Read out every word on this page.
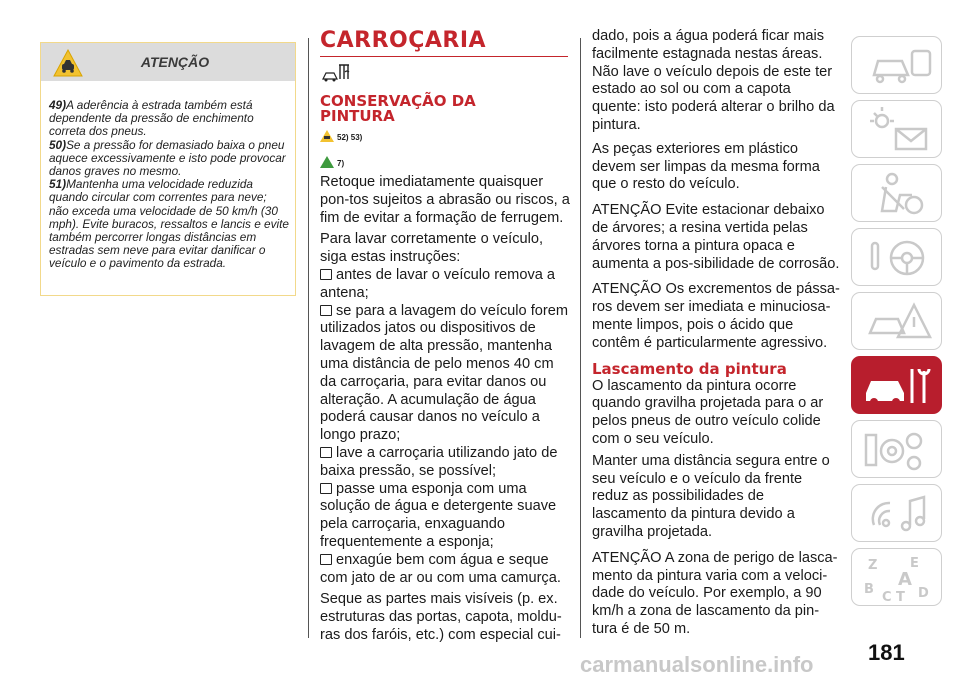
ATENÇÃO

49)A aderência à estrada também está dependente da pressão de enchimento correta dos pneus.

50)Se a pressão for demasiado baixa o pneu aquece excessivamente e isto pode provocar danos graves no mesmo.

51)Mantenha uma velocidade reduzida quando circular com correntes para neve; não exceda uma velocidade de 50 km/h (30 mph). Evite buracos, ressaltos e lancis e evite também percorrer longas distâncias em estradas sem neve para evitar danificar o veículo e o pavimento da estrada.

CARROÇARIA
CONSERVAÇÃO DA PINTURA
52) 53)
7)

Retoque imediatamente quaisquer pon-tos sujeitos a abrasão ou riscos, a fim de evitar a formação de ferrugem.

Para lavar corretamente o veículo, siga estas instruções:

antes de lavar o veículo remova a antena;

se para a lavagem do veículo forem utilizados jatos ou dispositivos de lavagem de alta pressão, mantenha uma distância de pelo menos 40 cm da carroçaria, para evitar danos ou alteração. A acumulação de água poderá causar danos no veículo a longo prazo;

lave a carroçaria utilizando jato de baixa pressão, se possível;

passe uma esponja com uma solução de água e detergente suave pela carroçaria, enxaguando frequentemente a esponja;

enxagúe bem com água e seque com jato de ar ou com uma camurça.

Seque as partes mais visíveis (p. ex. estruturas das portas, capota, moldu-ras dos faróis, etc.) com especial cui-

dado, pois a água poderá ficar mais facilmente estagnada nestas áreas. Não lave o veículo depois de este ter estado ao sol ou com a capota quente: isto poderá alterar o brilho da pintura.

As peças exteriores em plástico devem ser limpas da mesma forma que o resto do veículo.

ATENÇÃO Evite estacionar debaixo de árvores; a resina vertida pelas árvores torna a pintura opaca e aumenta a pos-sibilidade de corrosão.

ATENÇÃO Os excrementos de pássa-ros devem ser imediata e minuciosa-mente limpos, pois o ácido que contêm é particularmente agressivo.

Lascamento da pintura

O lascamento da pintura ocorre quando gravilha projetada para o ar pelos pneus de outro veículo colide com o seu veículo.

Manter uma distância segura entre o seu veículo e o veículo da frente reduz as possibilidades de lascamento da pintura devido a gravilha projetada.

ATENÇÃO A zona de perigo de lasca-mento da pintura varia com a veloci-dade do veículo. Por exemplo, a 90 km/h a zona de lascamento da pin-tura é de 50 m.

Z	E
A
B
C T D
181
carmanualsonline.info
